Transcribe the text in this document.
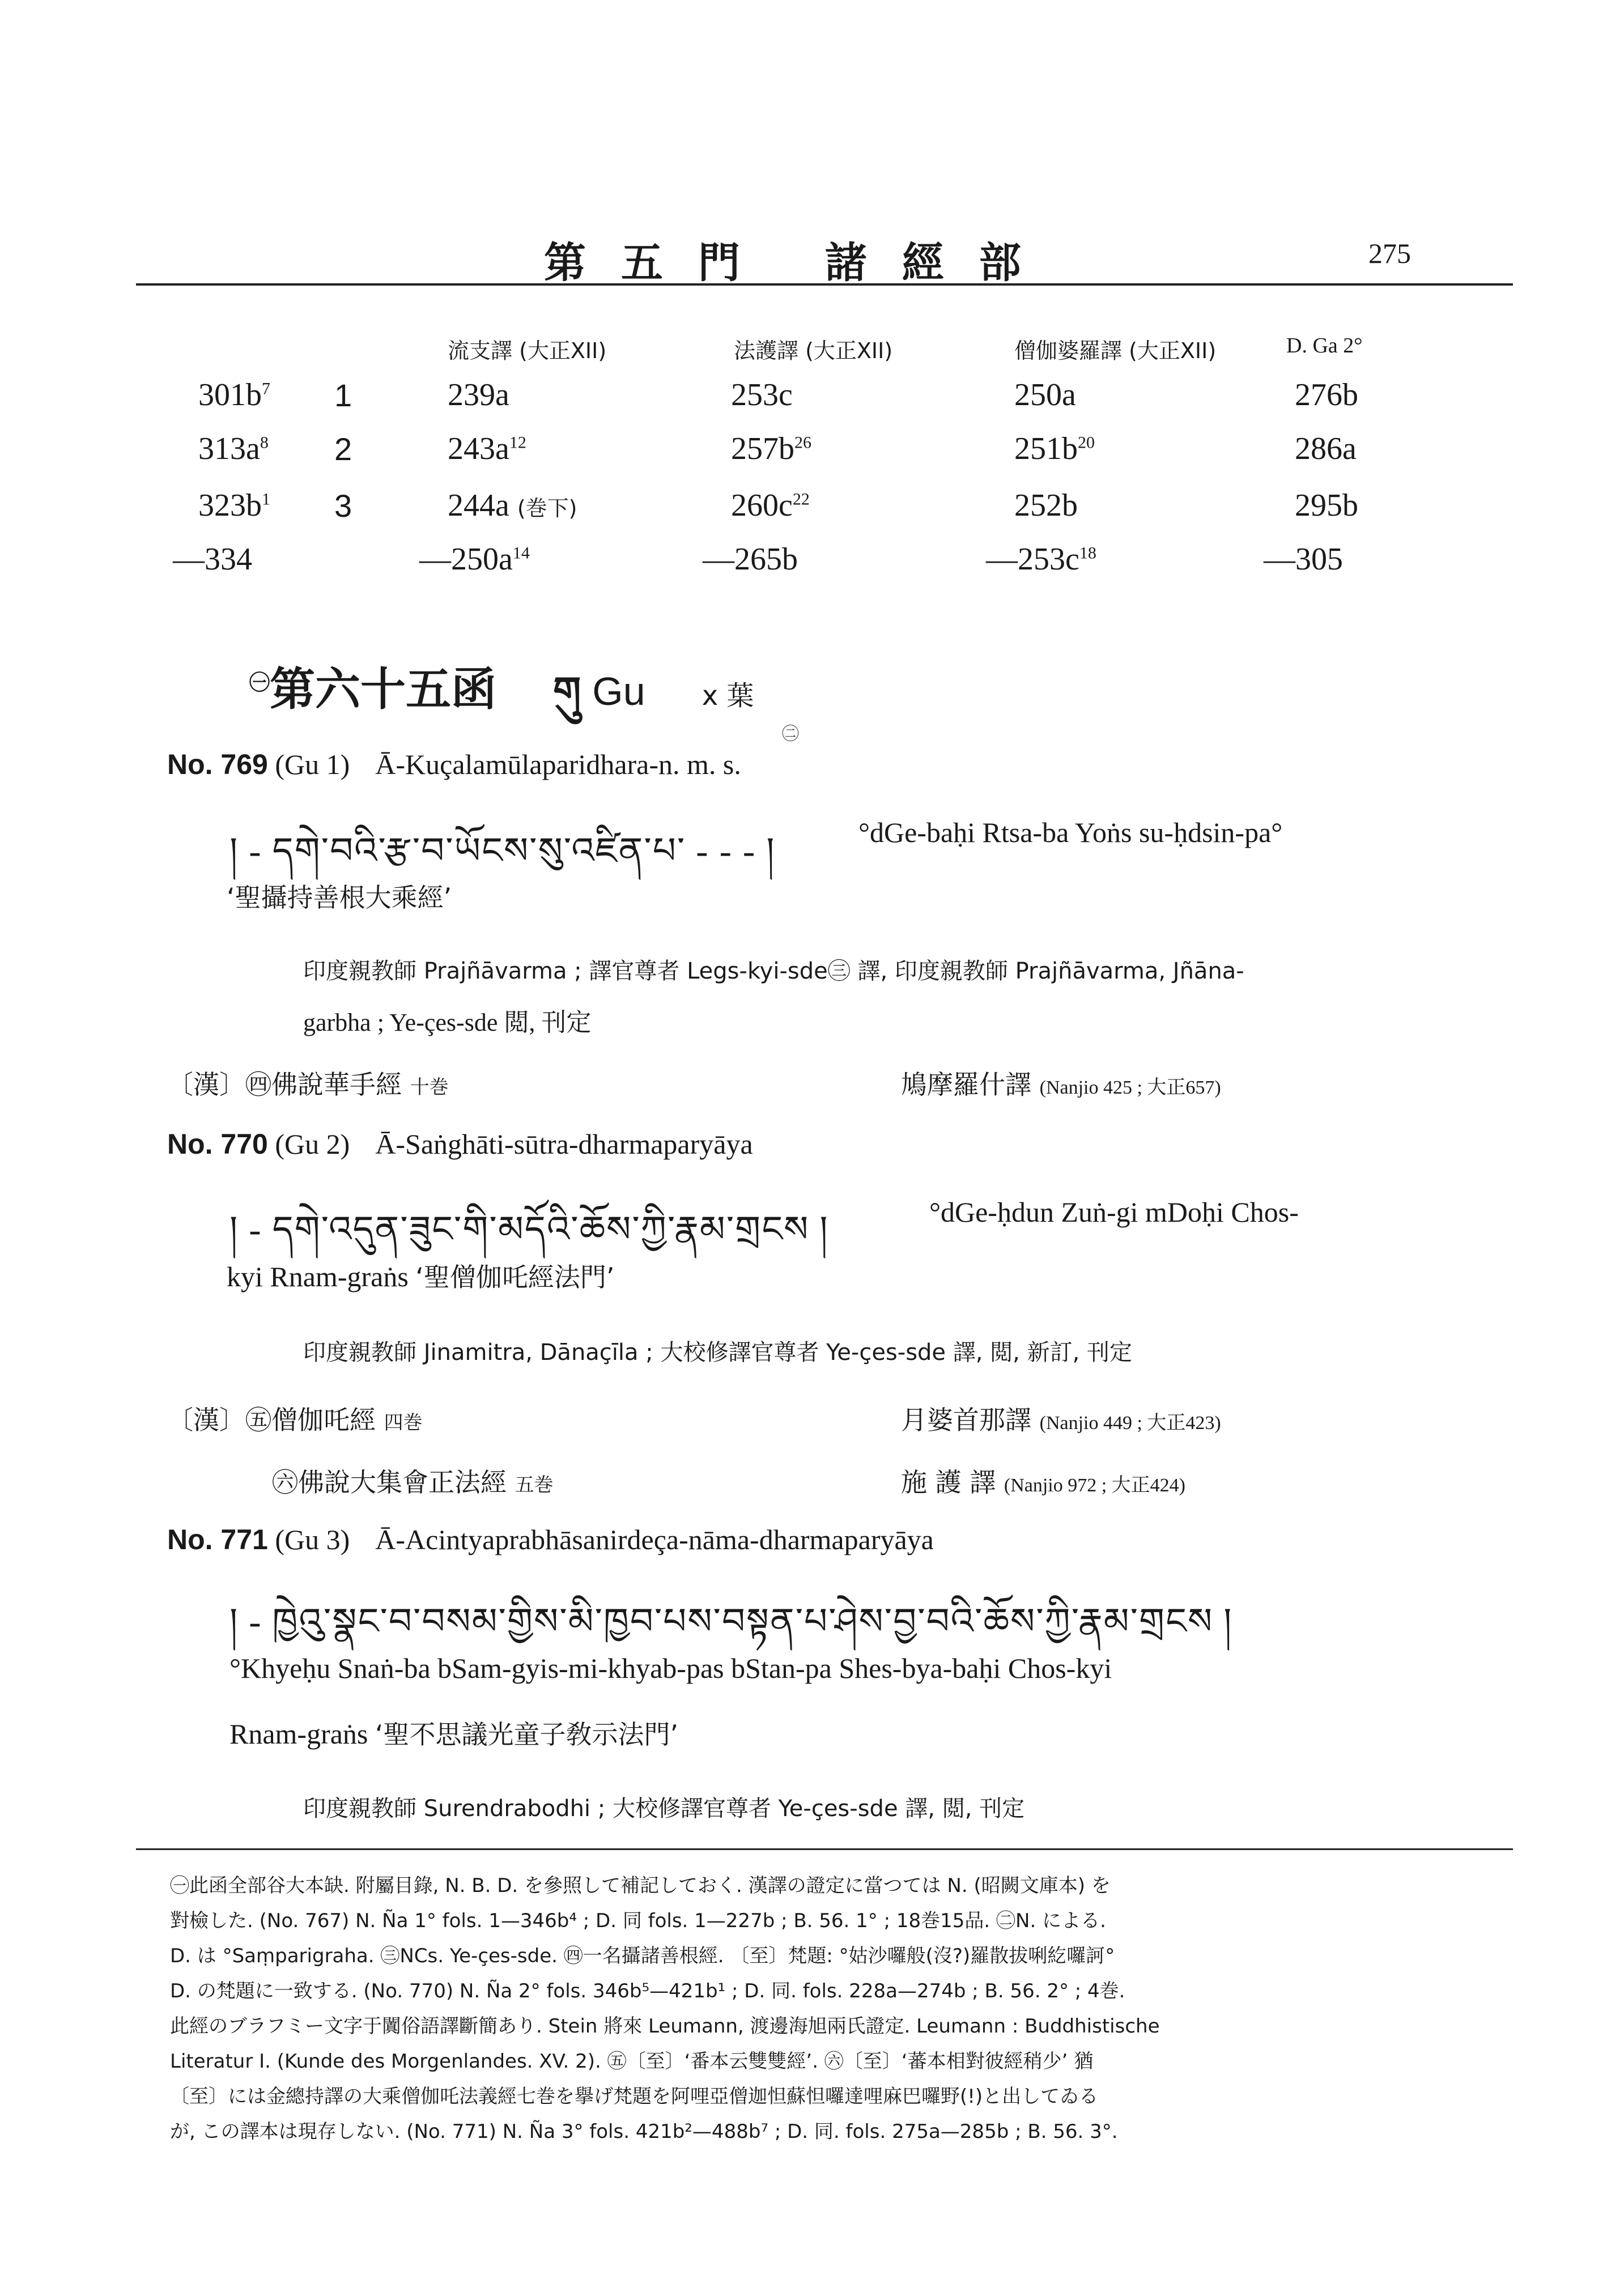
第五門 諸經部	275
流支譯 (大正XII)	法護譯 (大正XII)	僧伽婆羅譯 (大正XII)	D. Ga 2°
$301b^7$ 1	239a	253c	250a	276b
$313a^8$ 2	$243a^{12}$	$257b^{26}$	$251b^{20}$	286a
$323b^1$ 3	244a (巻下)	$260c^{22}$	252b	295b
—334	$—250a^{14}$	—265b	$—253c^{18}$	—305
$^㊀$第六十五函 གུ Gu x 葉
No. 769 (Gu 1) Ā-Kuçalamūlaparidhara-n. m. s.
㊁
། - དགེ་བའི་རྩ་བ་ཡོངས་སུ་འཛིན་པ་ - - - །	°dGe-baḥi Rtsa-ba Yoṅs su-ḥdsin-pa°
‘聖攝持善根大乘經’
印度親教師 Prajñāvarma ; 譯官尊者 Legs-kyi-sde㊂ 譯, 印度親教師 Prajñāvarma, Jñāna-
garbha ; Ye-çes-sde 閲, 刊定
〔漢〕㊃佛說華手經 十巻	鳩摩羅什譯 (Nanjio 425 ; 大正657)
No. 770 (Gu 2) Ā-Saṅghāti-sūtra-dharmaparyāya
། - དགེ་འདུན་ཟུང་གི་མདོའི་ཆོས་ཀྱི་རྣམ་གྲངས །	°dGe-ḥdun Zuṅ-gi mDoḥi Chos-
kyi Rnam-graṅs ‘聖僧伽吒經法門’
印度親教師 Jinamitra, Dānaçīla ; 大校修譯官尊者 Ye-çes-sde 譯, 閲, 新訂, 刊定
〔漢〕㊄僧伽吒經 四巻	月婆首那譯 (Nanjio 449 ; 大正423)
㊅佛說大集會正法經 五巻	施 護 譯 (Nanjio 972 ; 大正424)
No. 771 (Gu 3) Ā-Acintyaprabhāsanirdeça-nāma-dharmaparyāya
། - ཁྱེའུ་སྣང་བ་བསམ་གྱིས་མི་ཁྱབ་པས་བསྟན་པ་ཤེས་བྱ་བའི་ཆོས་ཀྱི་རྣམ་གྲངས །
°Khyeḥu Snaṅ-ba bSam-gyis-mi-khyab-pas bStan-pa Shes-bya-baḥi Chos-kyi
Rnam-graṅs ‘聖不思議光童子敎示法門’
印度親教師 Surendrabodhi ; 大校修譯官尊者 Ye-çes-sde 譯, 閲, 刊定
㊀此函全部谷大本缺. 附屬目錄, N. B. D. を參照して補記しておく. 漢譯の證定に當つては N. (昭闕文庫本) を
對檢した. (No. 767) N. Ña 1° fols. 1—346b⁴ ; D. 同 fols. 1—227b ; B. 56. 1° ; 18巻15品. ㊁N. による.
D. は °Saṃparigraha. ㊂NCs. Ye-çes-sde. ㊃一名攝諸善根經. 〔至〕梵題: °姑沙囉般(沒?)羅散拔唎紇囉訶°
D. の梵題に一致する. (No. 770) N. Ña 2° fols. 346b⁵—421b¹ ; D. 同. fols. 228a—274b ; B. 56. 2° ; 4巻.
此經のブラフミー文字于闐俗語譯斷簡あり. Stein 將來 Leumann, 渡邊海旭兩氏證定. Leumann : Buddhistische
Literatur I. (Kunde des Morgenlandes. XV. 2). ㊄〔至〕‘番本云雙雙經’. ㊅〔至〕‘蕃本相對彼經稍少’ 猶
〔至〕には金總持譯の大乘僧伽吒法義經七巻を擧げ梵題を阿哩亞僧迦怛蘇怛囉達哩麻巴囉野(!)と出してゐる
が, この譯本は現存しない. (No. 771) N. Ña 3° fols. 421b²—488b⁷ ; D. 同. fols. 275a—285b ; B. 56. 3°.
